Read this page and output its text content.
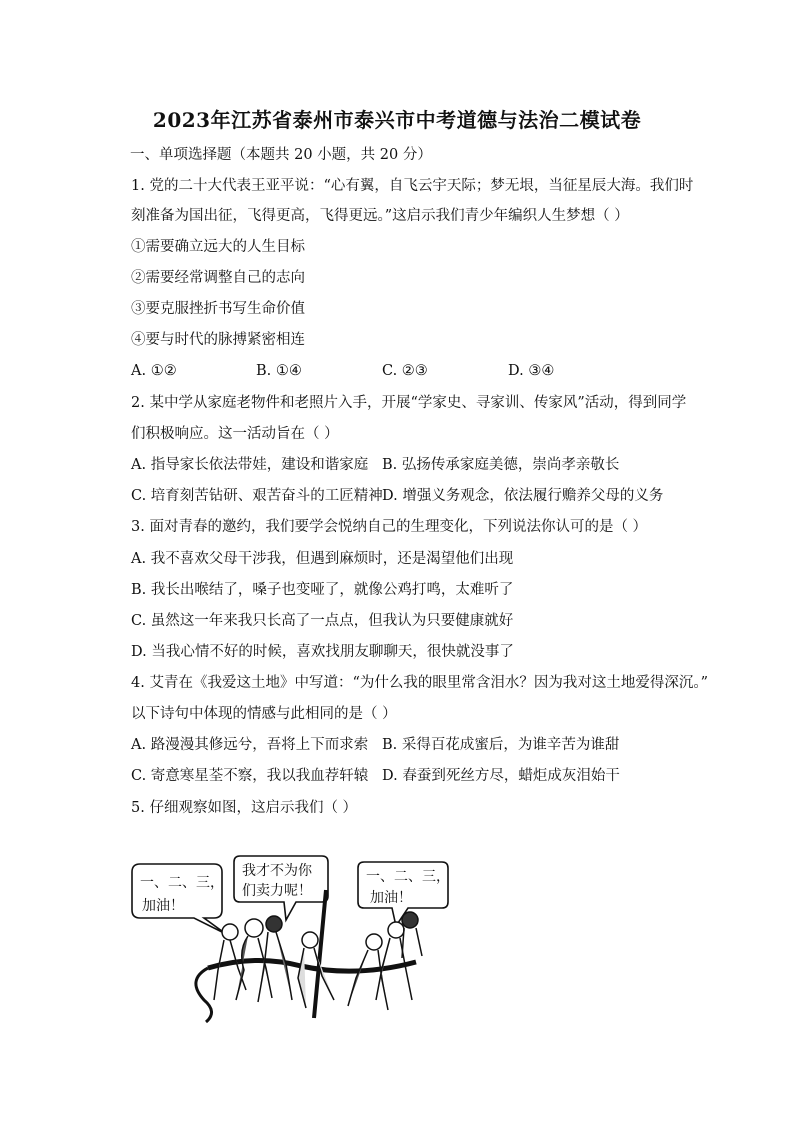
2023年江苏省泰州市泰兴市中考道德与法治二模试卷
一、单项选择题（本题共 20 小题，共 20 分）
1. 党的二十大代表王亚平说：“心有翼，自飞云宇天际；梦无垠，当征星辰大海。我们时
刻准备为国出征，飞得更高，飞得更远。”这启示我们青少年编织人生梦想（ ）
①需要确立远大的人生目标
②需要经常调整自己的志向
③要克服挫折书写生命价值
④要与时代的脉搏紧密相连
A. ①②	B. ①④	C. ②③	D. ③④
2. 某中学从家庭老物件和老照片入手，开展“学家史、寻家训、传家风”活动，得到同学
们积极响应。这一活动旨在（ ）
A. 指导家长依法带娃，建设和谐家庭 B. 弘扬传承家庭美德，崇尚孝亲敬长
C. 培育刻苦钻研、艰苦奋斗的工匠精神 D. 增强义务观念，依法履行赡养父母的义务
3. 面对青春的邀约，我们要学会悦纳自己的生理变化，下列说法你认可的是（ ）
A. 我不喜欢父母干涉我，但遇到麻烦时，还是渴望他们出现
B. 我长出喉结了，嗓子也变哑了，就像公鸡打鸣，太难听了
C. 虽然这一年来我只长高了一点点，但我认为只要健康就好
D. 当我心情不好的时候，喜欢找朋友聊聊天，很快就没事了
4. 艾青在《我爱这土地》中写道：“为什么我的眼里常含泪水？因为我对这土地爱得深沉。”
以下诗句中体现的情感与此相同的是（ ）
A. 路漫漫其修远兮，吾将上下而求索 B. 采得百花成蜜后，为谁辛苦为谁甜
C. 寄意寒星荃不察，我以我血荐轩辕 D. 春蚕到死丝方尽，蜡炬成灰泪始干
5. 仔细观察如图，这启示我们（ ）
一、二、三，
加油！
我才不为你
们卖力呢！
一、二、三，
加油！
